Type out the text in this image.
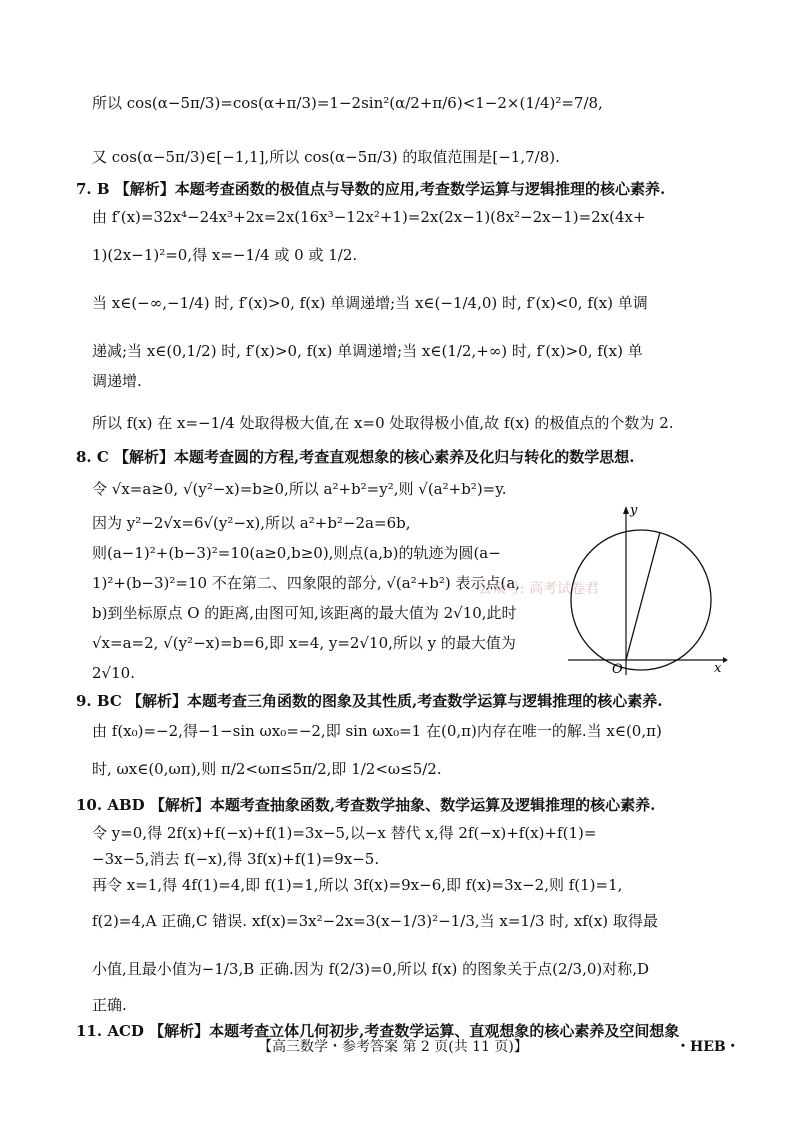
所以 cos(α−5π/3)=cos(α+π/3)=1−2sin²(α/2+π/6)<1−2×(1/4)²=7/8,
又 cos(α−5π/3)∈[−1,1],所以 cos(α−5π/3) 的取值范围是[−1,7/8).
7. B 【解析】本题考查函数的极值点与导数的应用,考查数学运算与逻辑推理的核心素养.
由 f′(x)=32x⁴−24x³+2x=2x(16x³−12x²+1)=2x(2x−1)(8x²−2x−1)=2x(4x+
1)(2x−1)²=0,得 x=−1/4 或 0 或 1/2.
当 x∈(−∞,−1/4) 时, f′(x)>0, f(x) 单调递增;当 x∈(−1/4,0) 时, f′(x)<0, f(x) 单调
递减;当 x∈(0,1/2) 时, f′(x)>0, f(x) 单调递增;当 x∈(1/2,+∞) 时, f′(x)>0, f(x) 单
调递增.
所以 f(x) 在 x=−1/4 处取得极大值,在 x=0 处取得极小值,故 f(x) 的极值点的个数为 2.
8. C 【解析】本题考查圆的方程,考查直观想象的核心素养及化归与转化的数学思想.
令 √x=a≥0, √(y²−x)=b≥0,所以 a²+b²=y²,则 √(a²+b²)=y.
因为 y²−2√x=6√(y²−x),所以 a²+b²−2a=6b,
则(a−1)²+(b−3)²=10(a≥0,b≥0),则点(a,b)的轨迹为圆(a−
1)²+(b−3)²=10 不在第二、四象限的部分, √(a²+b²) 表示点(a,
b)到坐标原点 O 的距离,由图可知,该距离的最大值为 2√10,此时
√x=a=2, √(y²−x)=b=6,即 x=4, y=2√10,所以 y 的最大值为
2√10.
9. BC 【解析】本题考查三角函数的图象及其性质,考查数学运算与逻辑推理的核心素养.
由 f(x₀)=−2,得−1−sin ωx₀=−2,即 sin ωx₀=1 在(0,π)内存在唯一的解.当 x∈(0,π)
时, ωx∈(0,ωπ),则 π/2<ωπ≤5π/2,即 1/2<ω≤5/2.
10. ABD 【解析】本题考查抽象函数,考查数学抽象、数学运算及逻辑推理的核心素养.
令 y=0,得 2f(x)+f(−x)+f(1)=3x−5,以−x 替代 x,得 2f(−x)+f(x)+f(1)=
−3x−5,消去 f(−x),得 3f(x)+f(1)=9x−5.
再令 x=1,得 4f(1)=4,即 f(1)=1,所以 3f(x)=9x−6,即 f(x)=3x−2,则 f(1)=1,
f(2)=4,A 正确,C 错误. xf(x)=3x²−2x=3(x−1/3)²−1/3,当 x=1/3 时, xf(x) 取得最
小值,且最小值为−1/3,B 正确.因为 f(2/3)=0,所以 f(x) 的图象关于点(2/3,0)对称,D
正确.
11. ACD 【解析】本题考查立体几何初步,考查数学运算、直观想象的核心素养及空间想象
公众号: 高考试卷君
y
x
O
【高三数学・参考答案 第 2 页(共 11 页)】	・HEB・
